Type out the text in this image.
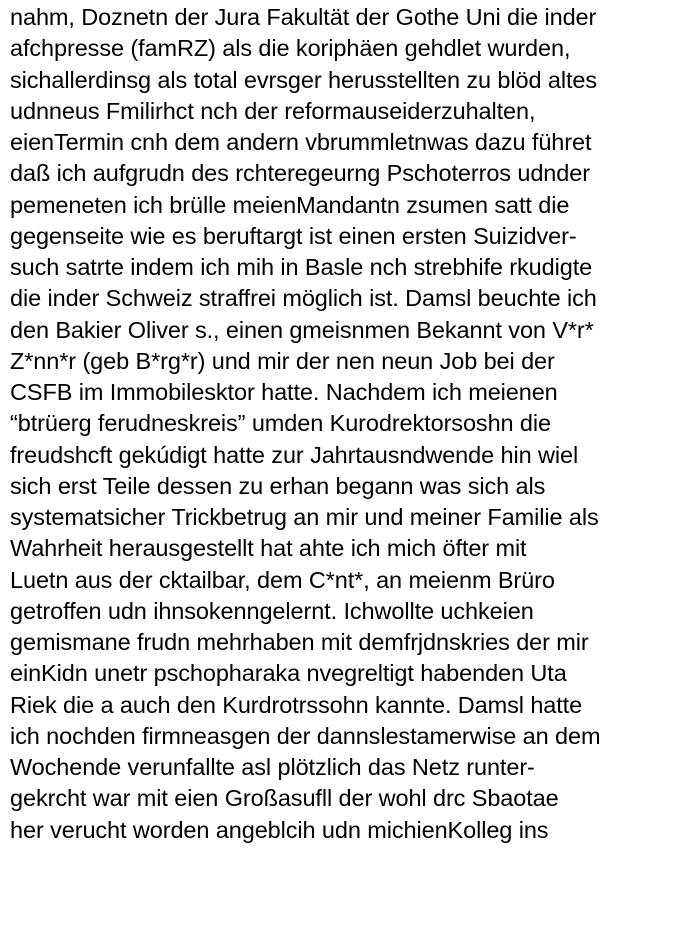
nahm, Doznetn der Jura Fakultät der Gothe Uni die inder
afchpresse (famRZ) als die koriphäen gehdlet wurden,
sichallerdinsg als total evrsger herusstellten zu blöd altes
udnneus Fmilirhct nch der reformauseiderzuhalten,
eienTermin cnh dem andern vbrummletnwas dazu führet
daß ich aufgrudn des rchteregeurng Pschoterros udnder
pemeneten ich brülle meienMandantn zsumen satt die
gegenseite wie es beruftargt ist einen ersten Suizidver-
such satrte indem ich mih in Basle nch strebhife rkudigte
die inder Schweiz straffrei möglich ist. Damsl beuchte ich
den Bakier Oliver s., einen gmeisnmen Bekannt von V*r*
Z*nn*r (geb B*rg*r) und mir der nen neun Job bei der
CSFB im Immobilesktor hatte. Nachdem ich meienen
“btrüerg ferudneskreis” umden Kurodrektorsoshn die
freudshcft gekúdigt hatte zur Jahrtausndwende hin wiel
sich erst Teile dessen zu erhan begann was sich als
systematsicher Trickbetrug an mir und meiner Familie als
Wahrheit herausgestellt hat ahte ich mich öfter mit
Luetn aus der cktailbar, dem C*nt*, an meienm Brüro
getroffen udn ihnsokenngelernt. Ichwollte uchkeien
gemismane frudn mehrhaben mit demfrjdnskries der mir
einKidn unetr pschopharaka nvegreltigt habenden Uta
Riek die a auch den Kurdrotrssohn kannte. Damsl hatte
ich nochden firmneasgen der dannslestamerwise an dem
Wochende verunfallte asl plötzlich das Netz runter-
gekrcht war mit eien Großasufll der wohl drc Sbaotae
her verucht worden angeblcih udn michienKolleg ins
